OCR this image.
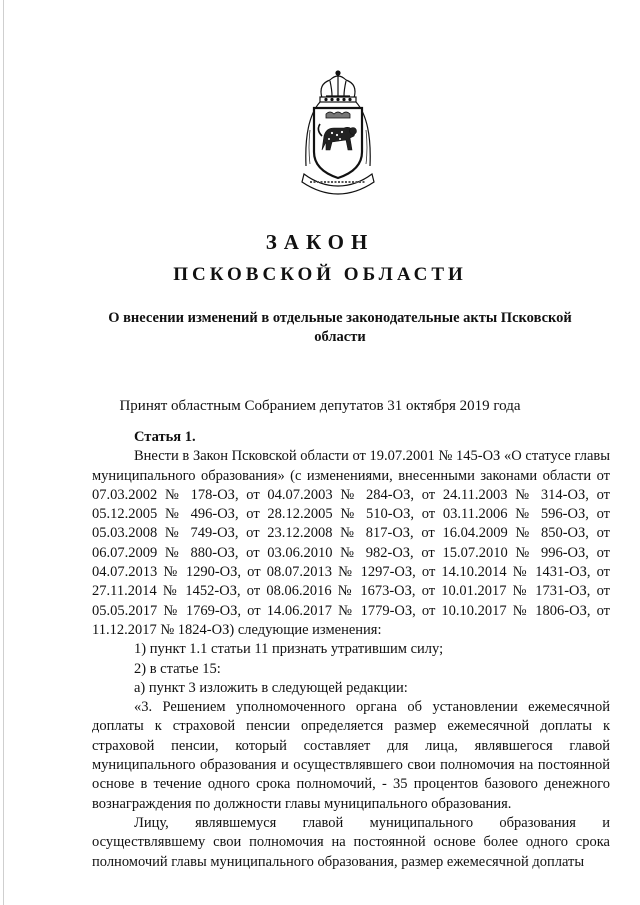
ЗАКОН
ПСКОВСКОЙ ОБЛАСТИ
О внесении изменений в отдельные законодательные акты Псковской области
Принят областным Собранием депутатов 31 октября 2019 года

Статья 1.

Внести в Закон Псковской области от 19.07.2001 № 145-ОЗ «О статусе главы муниципального образования» (с изменениями, внесенными законами области от 07.03.2002 № 178-ОЗ, от 04.07.2003 № 284-ОЗ, от 24.11.2003 № 314-ОЗ, от 05.12.2005 № 496-ОЗ, от 28.12.2005 № 510-ОЗ, от 03.11.2006 № 596-ОЗ, от 05.03.2008 № 749-ОЗ, от 23.12.2008 № 817-ОЗ, от 16.04.2009 № 850-ОЗ, от 06.07.2009 № 880-ОЗ, от 03.06.2010 № 982-ОЗ, от 15.07.2010 № 996-ОЗ, от 04.07.2013 № 1290-ОЗ, от 08.07.2013 № 1297-ОЗ, от 14.10.2014 № 1431-ОЗ, от 27.11.2014 № 1452-ОЗ, от 08.06.2016 № 1673-ОЗ, от 10.01.2017 № 1731-ОЗ, от 05.05.2017 № 1769-ОЗ, от 14.06.2017 № 1779-ОЗ, от 10.10.2017 № 1806-ОЗ, от 11.12.2017 № 1824-ОЗ) следующие изменения:

1) пункт 1.1 статьи 11 признать утратившим силу;

2) в статье 15:

а) пункт 3 изложить в следующей редакции:

«3. Решением уполномоченного органа об установлении ежемесячной доплаты к страховой пенсии определяется размер ежемесячной доплаты к страховой пенсии, который составляет для лица, являвшегося главой муниципального образования и осуществлявшего свои полномочия на постоянной основе в течение одного срока полномочий, - 35 процентов базового денежного вознаграждения по должности главы муниципального образования.

Лицу, являвшемуся главой муниципального образования и осуществлявшему свои полномочия на постоянной основе более одного срока полномочий главы муниципального образования, размер ежемесячной доплаты
